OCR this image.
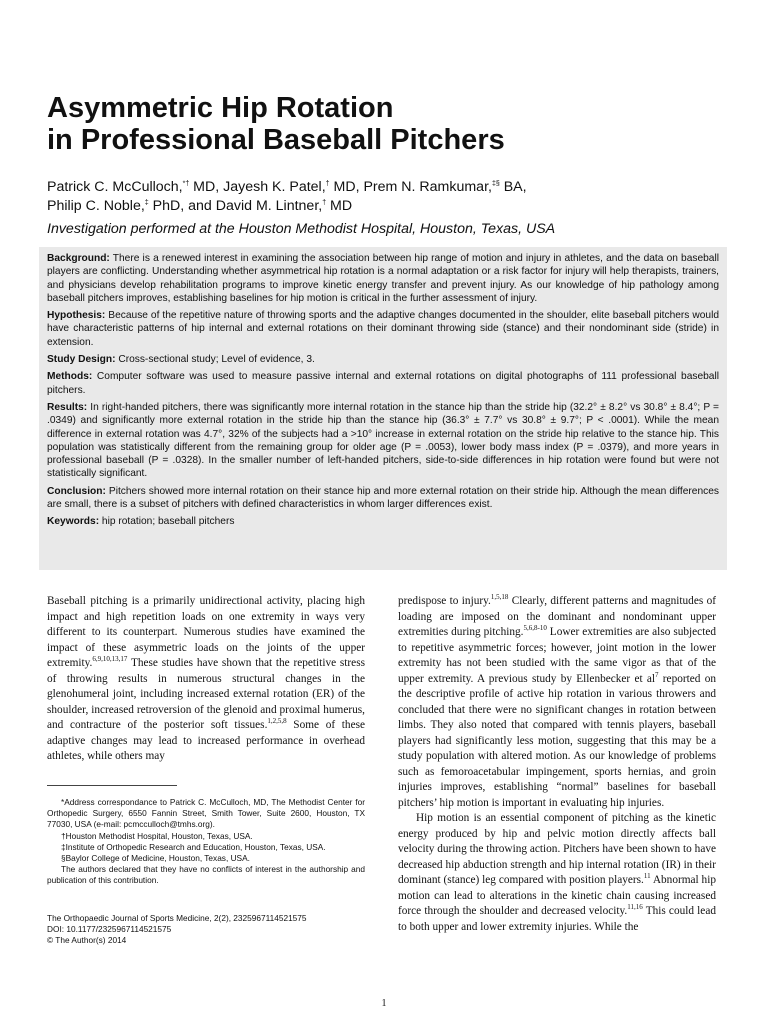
Asymmetric Hip Rotation
in Professional Baseball Pitchers
Patrick C. McCulloch,*† MD, Jayesh K. Patel,† MD, Prem N. Ramkumar,‡§ BA,
Philip C. Noble,‡ PhD, and David M. Lintner,† MD
Investigation performed at the Houston Methodist Hospital, Houston, Texas, USA

Background: There is a renewed interest in examining the association between hip range of motion and injury in athletes, and the data on baseball players are conflicting. Understanding whether asymmetrical hip rotation is a normal adaptation or a risk factor for injury will help therapists, trainers, and physicians develop rehabilitation programs to improve kinetic energy transfer and prevent injury. As our knowledge of hip pathology among baseball pitchers improves, establishing baselines for hip motion is critical in the further assessment of injury.

Hypothesis: Because of the repetitive nature of throwing sports and the adaptive changes documented in the shoulder, elite baseball pitchers would have characteristic patterns of hip internal and external rotations on their dominant throwing side (stance) and their nondominant side (stride) in extension.

Study Design: Cross-sectional study; Level of evidence, 3.

Methods: Computer software was used to measure passive internal and external rotations on digital photographs of 111 professional baseball pitchers.

Results: In right-handed pitchers, there was significantly more internal rotation in the stance hip than the stride hip (32.2° ± 8.2° vs 30.8° ± 8.4°; P = .0349) and significantly more external rotation in the stride hip than the stance hip (36.3° ± 7.7° vs 30.8° ± 9.7°; P < .0001). While the mean difference in external rotation was 4.7°, 32% of the subjects had a >10° increase in external rotation on the stride hip relative to the stance hip. This population was statistically different from the remaining group for older age (P = .0053), lower body mass index (P = .0379), and more years in professional baseball (P = .0328). In the smaller number of left-handed pitchers, side-to-side differences in hip rotation were found but were not statistically significant.

Conclusion: Pitchers showed more internal rotation on their stance hip and more external rotation on their stride hip. Although the mean differences are small, there is a subset of pitchers with defined characteristics in whom larger differences exist.

Keywords: hip rotation; baseball pitchers

Baseball pitching is a primarily unidirectional activity, placing high impact and high repetition loads on one extremity in ways very different to its counterpart. Numerous studies have examined the impact of these asymmetric loads on the joints of the upper extremity.$^{6,9,10,13,17}$ These studies have shown that the repetitive stress of throwing results in numerous structural changes in the glenohumeral joint, including increased external rotation (ER) of the shoulder, increased retroversion of the glenoid and proximal humerus, and contracture of the posterior soft tissues.$^{1,2,5,8}$ Some of these adaptive changes may lead to increased performance in overhead athletes, while others may

*Address correspondance to Patrick C. McCulloch, MD, The Methodist Center for Orthopedic Surgery, 6550 Fannin Street, Smith Tower, Suite 2600, Houston, TX 77030, USA (e-mail: pcmcculloch@tmhs.org).

†Houston Methodist Hospital, Houston, Texas, USA.

‡Institute of Orthopedic Research and Education, Houston, Texas, USA.

§Baylor College of Medicine, Houston, Texas, USA.

The authors declared that they have no conflicts of interest in the authorship and publication of this contribution.

The Orthopaedic Journal of Sports Medicine, 2(2), 2325967114521575
DOI: 10.1177/2325967114521575
© The Author(s) 2014

predispose to injury.$^{1,5,18}$ Clearly, different patterns and magnitudes of loading are imposed on the dominant and nondominant upper extremities during pitching.$^{5,6,8-10}$ Lower extremities are also subjected to repetitive asymmetric forces; however, joint motion in the lower extremity has not been studied with the same vigor as that of the upper extremity. A previous study by Ellenbecker et $al^7$ reported on the descriptive profile of active hip rotation in various throwers and concluded that there were no significant changes in rotation between limbs. They also noted that compared with tennis players, baseball players had significantly less motion, suggesting that this may be a study population with altered motion. As our knowledge of problems such as femoroacetabular impingement, sports hernias, and groin injuries improves, establishing “normal” baselines for baseball pitchers’ hip motion is important in evaluating hip injuries.

Hip motion is an essential component of pitching as the kinetic energy produced by hip and pelvic motion directly affects ball velocity during the throwing action. Pitchers have been shown to have decreased hip abduction strength and hip internal rotation (IR) in their dominant (stance) leg compared with position players.$^{11}$ Abnormal hip motion can lead to alterations in the kinetic chain causing increased force through the shoulder and decreased velocity.$^{11,16}$ This could lead to both upper and lower extremity injuries. While the

1
